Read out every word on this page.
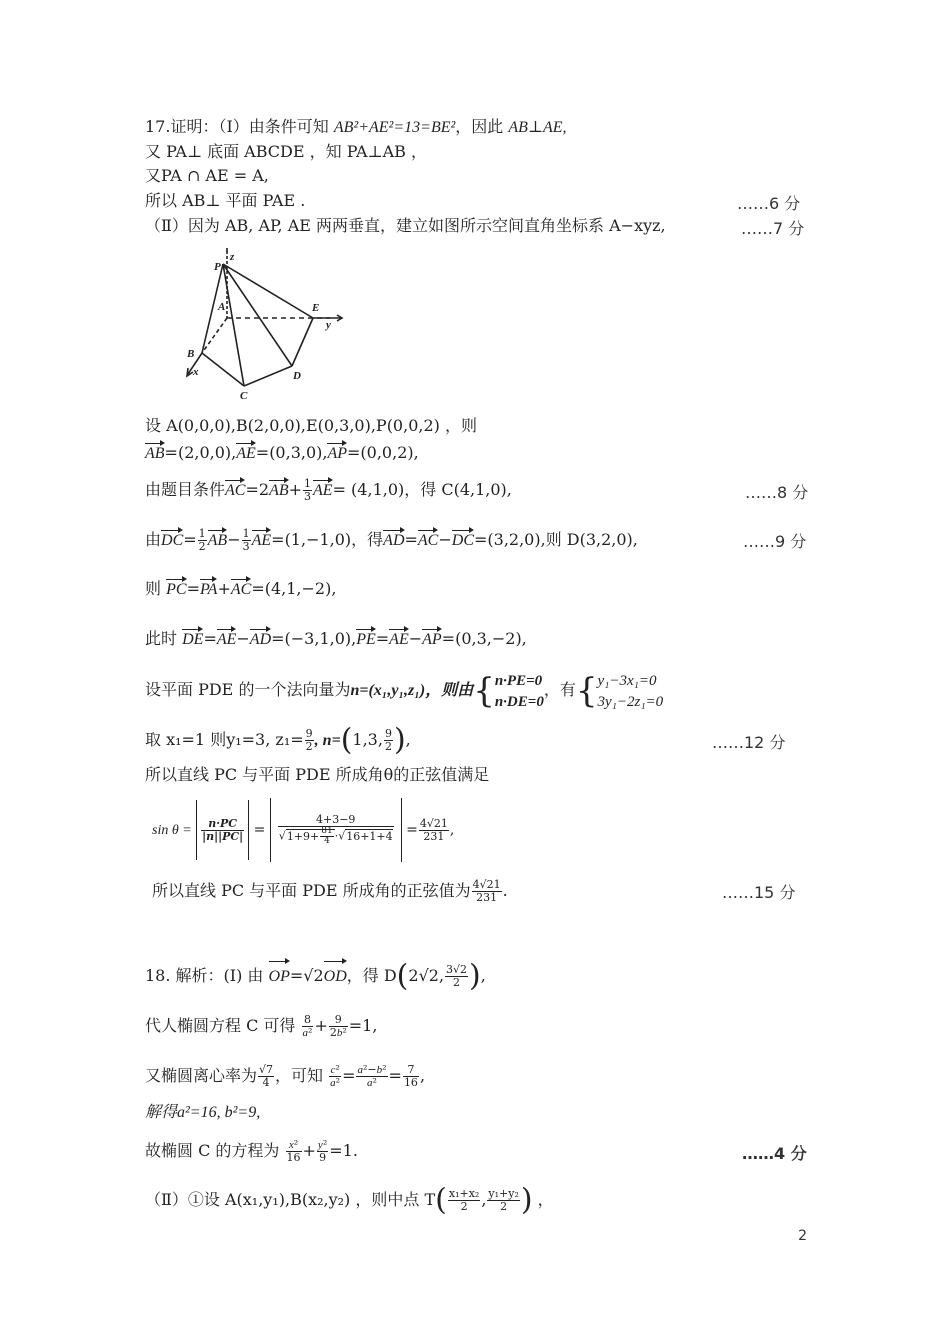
17.证明：（Ⅰ）由条件可知 AB²+AE²=13=BE²，因此 AB⊥AE,
又 PA⊥ 底面 ABCDE ，知 PA⊥AB ，
又PA ∩ AE = A,
所以 AB⊥ 平面 PAE .	……6 分
（Ⅱ）因为 AB, AP, AE 两两垂直，建立如图所示空间直角坐标系 A−xyz,	……7 分
P
z
A	E
y
B
x
C
D
设 A(0,0,0),B(2,0,0),E(0,3,0),P(0,0,2) ，则
AB=(2,0,0),AE=(0,3,0),AP=(0,0,2),
由题目条件$AC=2AB+ \frac{1}{3} AE= (4,1,0)$，得 C(4,1,0),	……8 分
由$DC= \frac{1}{2} AB- \frac{1}{3} AE=(1,-1,0)$，得AD=AC−DC=(3,2,0),则 D(3,2,0),	……9 分
则 PC=PA+AC=(4,1,−2),
此时 DE=AE−AD=(−3,1,0),PE=AE−AP=(0,3,−2),
设平面 PDE 的一个法向量为n=(x₁,y₁,z₁)，则由{n·PE=0
n·DE=0，有{y₁−3x₁=0
3y₁−2z₁=0
取 x₁=1 则y₁=3, $z_1= \frac{9}{2}$ , n=(1,3, $\frac{9}{2}$ ),	……12 分
所以直线 PC 与平面 PDE 所成角θ的正弦值满足
$\sin \theta = \frac{n\cdot PC}{|n||PC|} = \frac{4+3-9}{√1+9+ \frac{81}{4} \cdot√16+1+4} = \frac{4√21}{231}$ ,
所以直线 PC 与平面 PDE 所成角的正弦值为 $\frac{4√21}{231}$ .	……15 分
18. 解析：(Ⅰ) 由 OP=√2OD，得 D(2√2, $\frac{3√2}{2}$ ),
代人椭圆方程 C 可得 $\frac{8}{\text{a²}} + \frac{9}{\text{2b²}} =1$,
又椭圆离心率为 $\frac{√7}{4}$ ，可知 $\frac{\text{c²}}{\text{a²}} = \frac{\text{a²−b²}}{\text{a²}} = \frac{7}{16}$ ,
解得a²=16, b²=9,
故椭圆 C 的方程为 $\frac{\text{x²}}{16} + \frac{\text{y²}}{9} =1$.	……4 分
（Ⅱ）①设 A(x₁,y₁),B(x₂,y₂) ，则中点 $T( \frac{\text{x₁+x₂}}{2}$ , $\frac{\text{y₁+y₂}}{2}$ ) ，
2
